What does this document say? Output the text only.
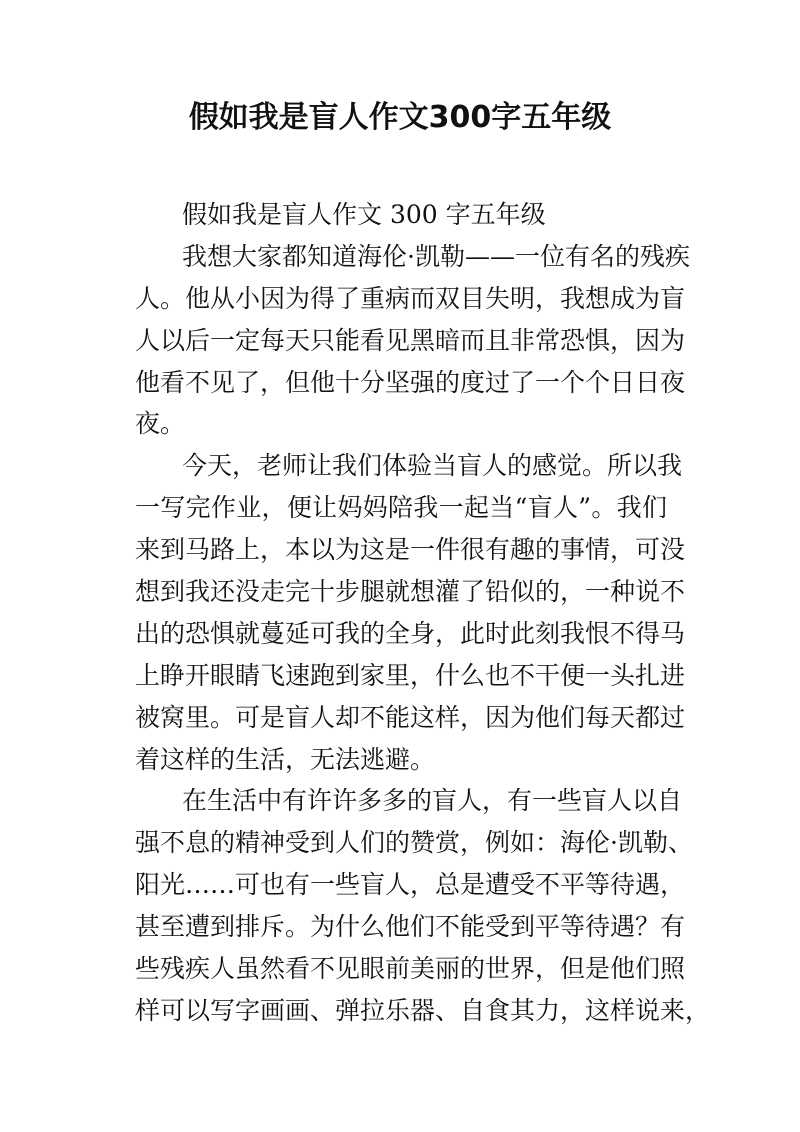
假如我是盲人作文300字五年级
假如我是盲人作文 300 字五年级
我想大家都知道海伦·凯勒——一位有名的残疾
人。他从小因为得了重病而双目失明，我想成为盲
人以后一定每天只能看见黑暗而且非常恐惧，因为
他看不见了，但他十分坚强的度过了一个个日日夜
夜。
今天，老师让我们体验当盲人的感觉。所以我
一写完作业，便让妈妈陪我一起当“盲人”。我们
来到马路上，本以为这是一件很有趣的事情，可没
想到我还没走完十步腿就想灌了铅似的，一种说不
出的恐惧就蔓延可我的全身，此时此刻我恨不得马
上睁开眼睛飞速跑到家里，什么也不干便一头扎进
被窝里。可是盲人却不能这样，因为他们每天都过
着这样的生活，无法逃避。
在生活中有许许多多的盲人，有一些盲人以自
强不息的精神受到人们的赞赏，例如：海伦·凯勒、
阳光……可也有一些盲人，总是遭受不平等待遇，
甚至遭到排斥。为什么他们不能受到平等待遇？有
些残疾人虽然看不见眼前美丽的世界，但是他们照
样可以写字画画、弹拉乐器、自食其力，这样说来，
